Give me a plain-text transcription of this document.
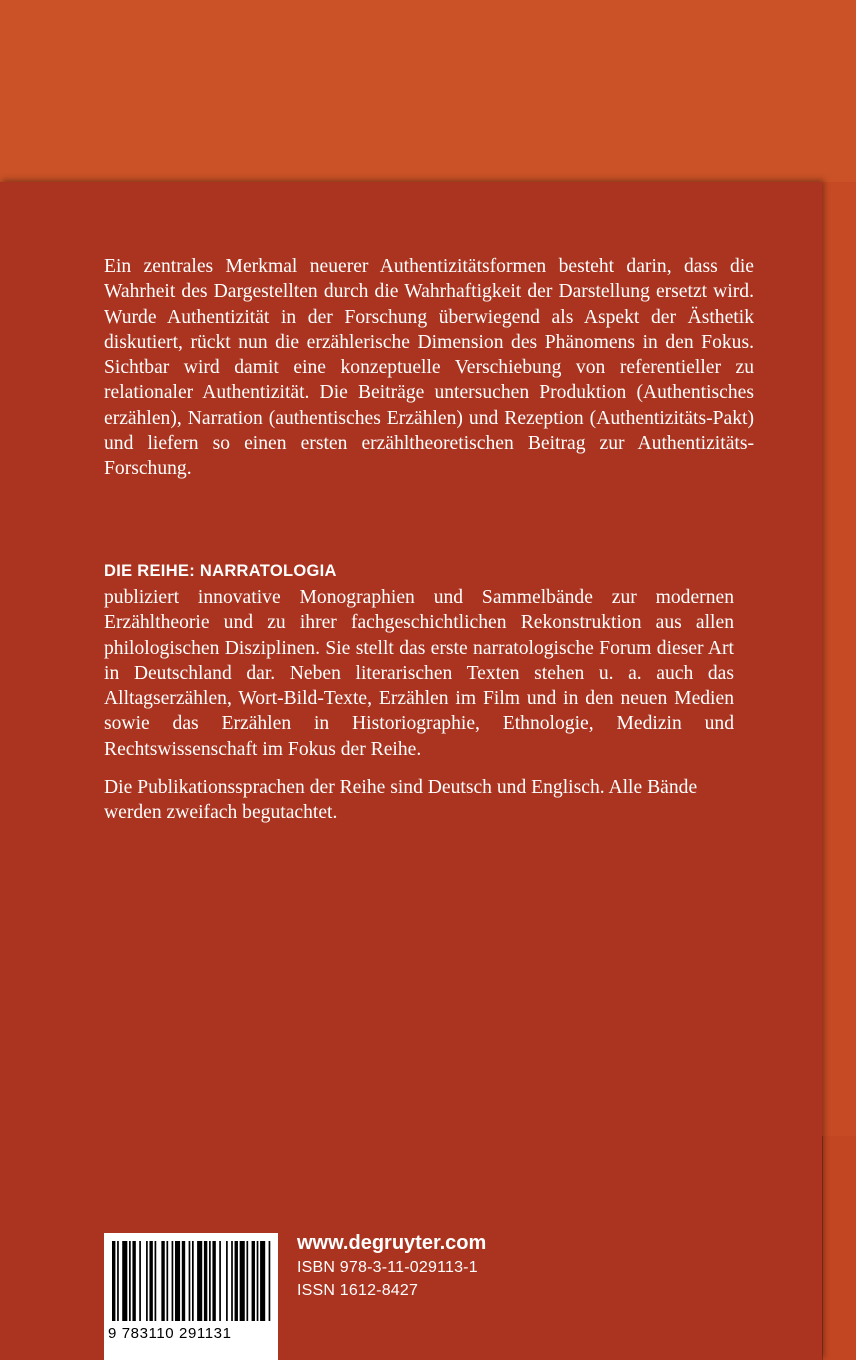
Ein zentrales Merkmal neuerer Authentizitätsformen besteht darin, dass die Wahrheit des Dargestellten durch die Wahrhaftigkeit der Darstellung ersetzt wird. Wurde Authentizität in der Forschung überwiegend als Aspekt der Ästhetik diskutiert, rückt nun die erzählerische Dimension des Phänomens in den Fokus. Sichtbar wird damit eine konzeptuelle Verschiebung von referentieller zu relationaler Authentizität. Die Beiträge untersuchen Produktion (Authentisches erzählen), Narration (authentisches Erzählen) und Rezeption (Authentizitäts-Pakt) und liefern so einen ersten erzähltheoretischen Beitrag zur Authentizitäts-Forschung.

DIE REIHE: NARRATOLOGIA

publiziert innovative Monographien und Sammelbände zur modernen Erzähltheorie und zu ihrer fachgeschichtlichen Rekonstruktion aus allen philologischen Disziplinen. Sie stellt das erste narratologische Forum dieser Art in Deutschland dar. Neben literarischen Texten stehen u. a. auch das Alltagserzählen, Wort-Bild-Texte, Erzählen im Film und in den neuen Medien sowie das Erzählen in Historiographie, Ethnologie, Medizin und Rechtswissenschaft im Fokus der Reihe.

Die Publikationssprachen der Reihe sind Deutsch und Englisch. Alle Bände werden zweifach begutachtet.

9 783110 291131

www.degruyter.com
ISBN 978-3-11-029113-1
ISSN 1612-8427
